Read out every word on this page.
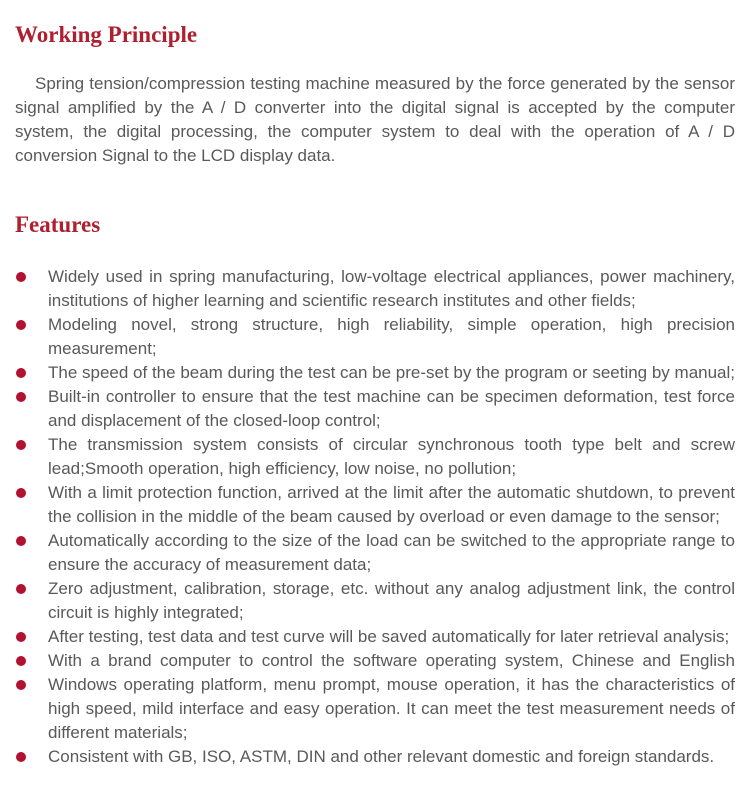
Working Principle

Spring tension/compression testing machine measured by the force generated by the sensor signal amplified by the A / D converter into the digital signal is accepted by the computer system, the digital processing, the computer system to deal with the operation of A / D conversion Signal to the LCD display data.

Features
Widely used in spring manufacturing, low-voltage electrical appliances, power machinery, institutions of higher learning and scientific research institutes and other fields;
Modeling novel, strong structure, high reliability, simple operation, high precision measurement;
The speed of the beam during the test can be pre-set by the program or seeting by manual;
Built-in controller to ensure that the test machine can be specimen deformation, test force and displacement of the closed-loop control;
The transmission system consists of circular synchronous tooth type belt and screw lead;Smooth operation, high efficiency, low noise, no pollution;
With a limit protection function, arrived at the limit after the automatic shutdown, to prevent the collision in the middle of the beam caused by overload or even damage to the sensor;
Automatically according to the size of the load can be switched to the appropriate range to ensure the accuracy of measurement data;
Zero adjustment, calibration, storage, etc. without any analog adjustment link, the control circuit is highly integrated;
After testing, test data and test curve will be saved automatically for later retrieval analysis;
With a brand computer to control the software operating system, Chinese and English
Windows operating platform, menu prompt, mouse operation, it has the characteristics of high speed, mild interface and easy operation. It can meet the test measurement needs of different materials;
Consistent with GB, ISO, ASTM, DIN and other relevant domestic and foreign standards.
